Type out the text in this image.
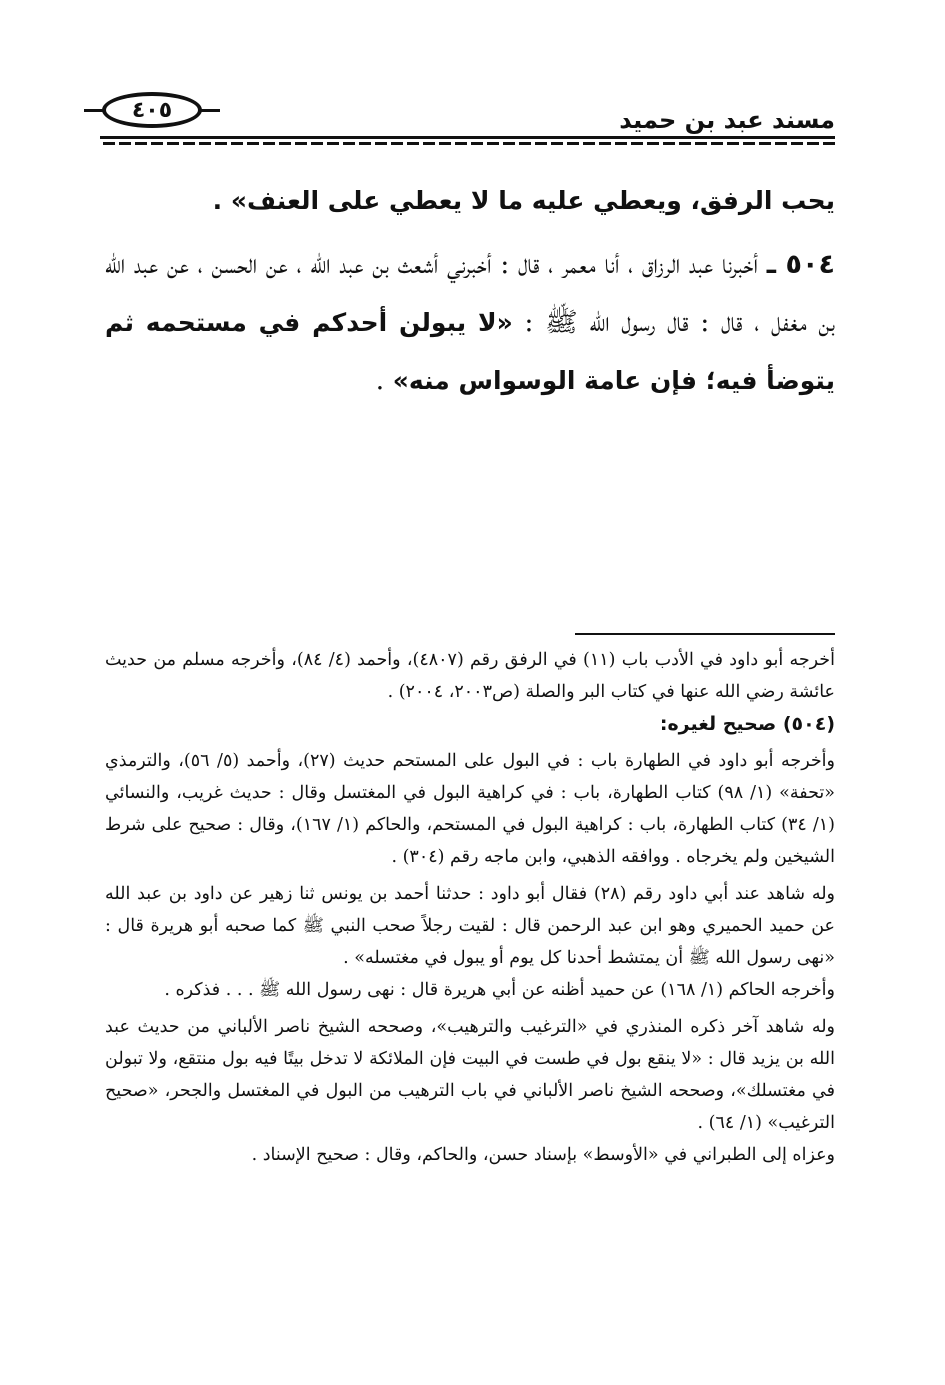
٤٠٥	مسند عبد بن حميد

يحب الرفق، ويعطي عليه ما لا يعطي على العنف» .

٥٠٤ ـ أخبرنا عبد الرزاق ، أنا معمر ، قال : أخبرني أشعث بن عبد الله ، عن الحسن ، عن عبد الله بن مغفل ، قال : قال رسول الله ﷺ : «لا يبولن أحدكم في مستحمه ثم يتوضأ فيه؛ فإن عامة الوسواس منه» .

أخرجه أبو داود في الأدب باب (١١) في الرفق رقم (٤٨٠٧)، وأحمد (٤/ ٨٤)، وأخرجه مسلم من حديث عائشة رضي الله عنها في كتاب البر والصلة (ص٢٠٠٣، ٢٠٠٤) .

(٥٠٤) صحيح لغيره:

وأخرجه أبو داود في الطهارة باب : في البول على المستحم حديث (٢٧)، وأحمد (٥/ ٥٦)، والترمذي «تحفة» (١/ ٩٨) كتاب الطهارة، باب : في كراهية البول في المغتسل وقال : حديث غريب، والنسائي (١/ ٣٤) كتاب الطهارة، باب : كراهية البول في المستحم، والحاكم (١/ ١٦٧)، وقال : صحيح على شرط الشيخين ولم يخرجاه . ووافقه الذهبي، وابن ماجه رقم (٣٠٤) .

وله شاهد عند أبي داود رقم (٢٨) فقال أبو داود : حدثنا أحمد بن يونس ثنا زهير عن داود بن عبد الله عن حميد الحميري وهو ابن عبد الرحمن قال : لقيت رجلاً صحب النبي ﷺ كما صحبه أبو هريرة قال : «نهى رسول الله ﷺ أن يمتشط أحدنا كل يوم أو يبول في مغتسله» .

وأخرجه الحاكم (١/ ١٦٨) عن حميد أظنه عن أبي هريرة قال : نهى رسول الله ﷺ . . . فذكره .

وله شاهد آخر ذكره المنذري في «الترغيب والترهيب»، وصححه الشيخ ناصر الألباني من حديث عبد الله بن يزيد قال : «لا ينقع بول في طست في البيت فإن الملائكة لا تدخل بيتًا فيه بول منتقع، ولا تبولن في مغتسلك»، وصححه الشيخ ناصر الألباني في باب الترهيب من البول في المغتسل والجحر، «صحيح الترغيب» (١/ ٦٤) .

وعزاه إلى الطبراني في «الأوسط» بإسناد حسن، والحاكم، وقال : صحيح الإسناد .
